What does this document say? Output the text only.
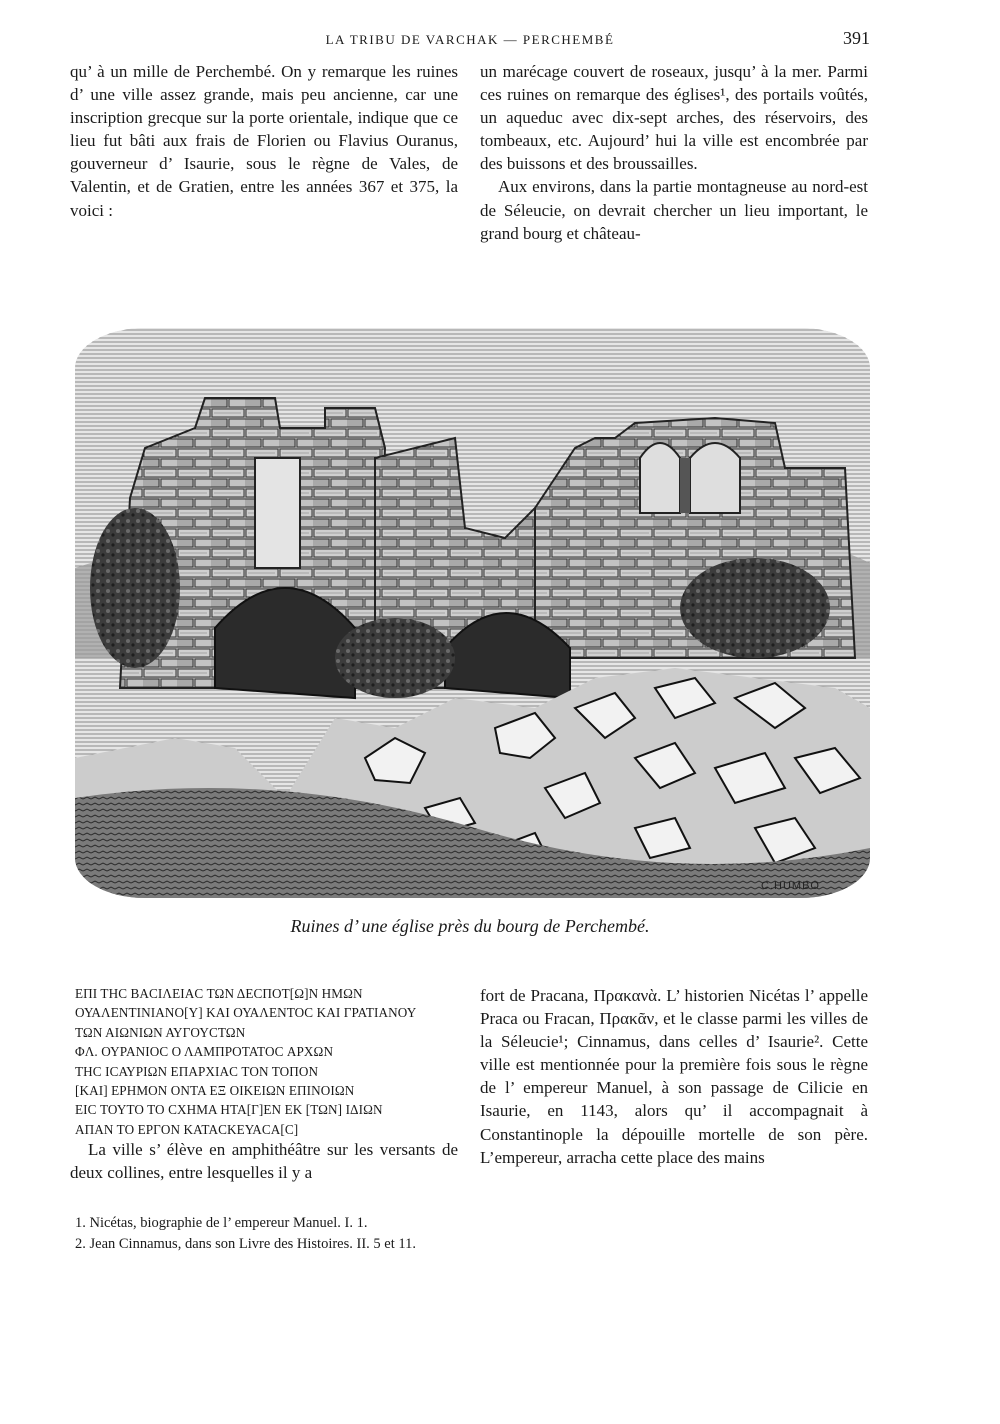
LA TRIBU DE VARCHAK — PERCHEMBÉ	391

qu’ à un mille de Perchembé. On y remarque les ruines d’ une ville assez grande, mais peu ancienne, car une inscription grecque sur la porte orientale, indique que ce lieu fut bâti aux frais de Florien ou Flavius Ouranus, gouverneur d’ Isaurie, sous le règne de Vales, de Valentin, et de Gratien, entre les années 367 et 375, la voici :

un marécage couvert de roseaux, jusqu’ à la mer. Parmi ces ruines on remarque des églises¹, des portails voûtés, un aqueduc avec dix-sept arches, des réservoirs, des tombeaux, etc. Aujourd’ hui la ville est encombrée par des buissons et des broussailles.

Aux environs, dans la partie montagneuse au nord-est de Séleucie, on devrait chercher un lieu important, le grand bourg et château-

C.HUMBO
Ruines d’ une église près du bourg de Perchembé.
ΕΠΙ ΤΗC ΒΑCΙΛΕΙΑC ΤΩΝ ΔΕCΠΟΤ[Ω]Ν ΗΜΩΝ
ΟΥΑΛΕΝΤΙΝΙΑΝΟ[Υ] ΚΑΙ ΟΥΑΛΕΝΤΟC ΚΑΙ ΓΡΑΤΙΑΝΟΥ
ΤΩΝ ΑΙΩΝΙΩΝ ΑΥΓΟΥCΤΩΝ
ΦΛ. ΟΥΡΑΝΙΟC Ο ΛΑΜΠΡΟΤΑΤΟC ΑΡΧΩΝ
ΤΗC ΙCΑΥΡΙΩΝ ΕΠΑΡΧΙΑC ΤΟΝ ΤΟΠΟΝ
[ΚΑΙ] ΕΡΗΜΟΝ ΟΝΤΑ ΕΞ ΟΙΚΕΙΩΝ ΕΠΙΝΟΙΩΝ
ΕΙC ΤΟΥΤΟ ΤΟ CΧΗΜΑ ΗΤΑ[Γ]ΕΝ ΕΚ [ΤΩΝ] ΙΔΙΩΝ
ΑΠΑΝ ΤΟ ΕΡΓΟΝ ΚΑΤΑCΚΕΥΑCΑ[C]

La ville s’ élève en amphithéâtre sur les versants de deux collines, entre lesquelles il y a

fort de Pracana, Πρακανὰ. L’ historien Nicétas l’ appelle Praca ou Fracan, Πρακᾶν, et le classe parmi les villes de la Séleucie¹; Cinnamus, dans celles d’ Isaurie². Cette ville est mentionnée pour la première fois sous le règne de l’ empereur Manuel, à son passage de Cilicie en Isaurie, en 1143, alors qu’ il accompagnait à Constantinople la dépouille mortelle de son père. L’empereur, arracha cette place des mains

1. Nicétas, biographie de l’ empereur Manuel. I. 1.
2. Jean Cinnamus, dans son Livre des Histoires. II. 5 et 11.
